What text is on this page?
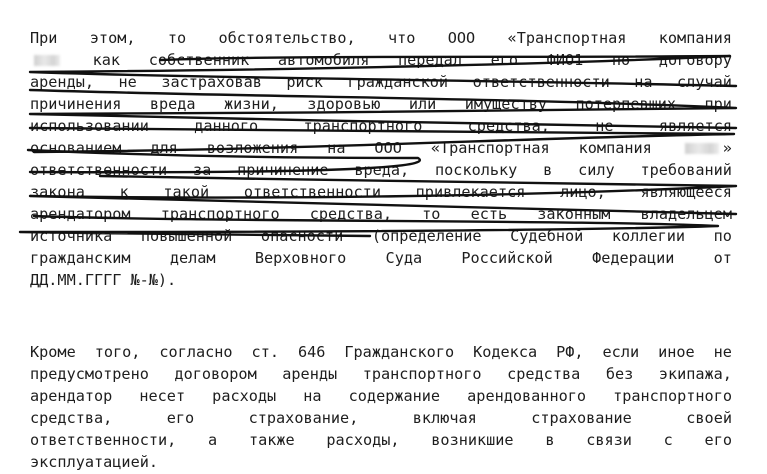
При этом, то обстоятельство, что ООО «Транспортная компания
как собственник автомобиля передал его ФИО1 по договору
аренды, не застраховав риск гражданской ответственности на случай
причинения вреда жизни, здоровью или имуществу потерпевших при
использовании	данного	транспортного	средства,	не	является
основанием для возложения на ООО «Транспортная компания	»
ответственности за причинение вреда, поскольку в силу требований
закона к такой ответственности привлекается лицо, являющееся
арендатором транспортного средства, то есть законным владельцем
источника повышенной опасности (определение Судебной коллегии по
гражданским	делам	Верховного	Суда	Российской	Федерации	от
ДД.ММ.ГГГГ №-№).
Кроме того, согласно ст. 646 Гражданского Кодекса РФ, если иное не
предусмотрено договором аренды транспортного средства без экипажа,
арендатор несет расходы на содержание арендованного транспортного
средства,	его	страхование,	включая	страхование	своей
ответственности, а также расходы, возникшие в связи с его
эксплуатацией.
